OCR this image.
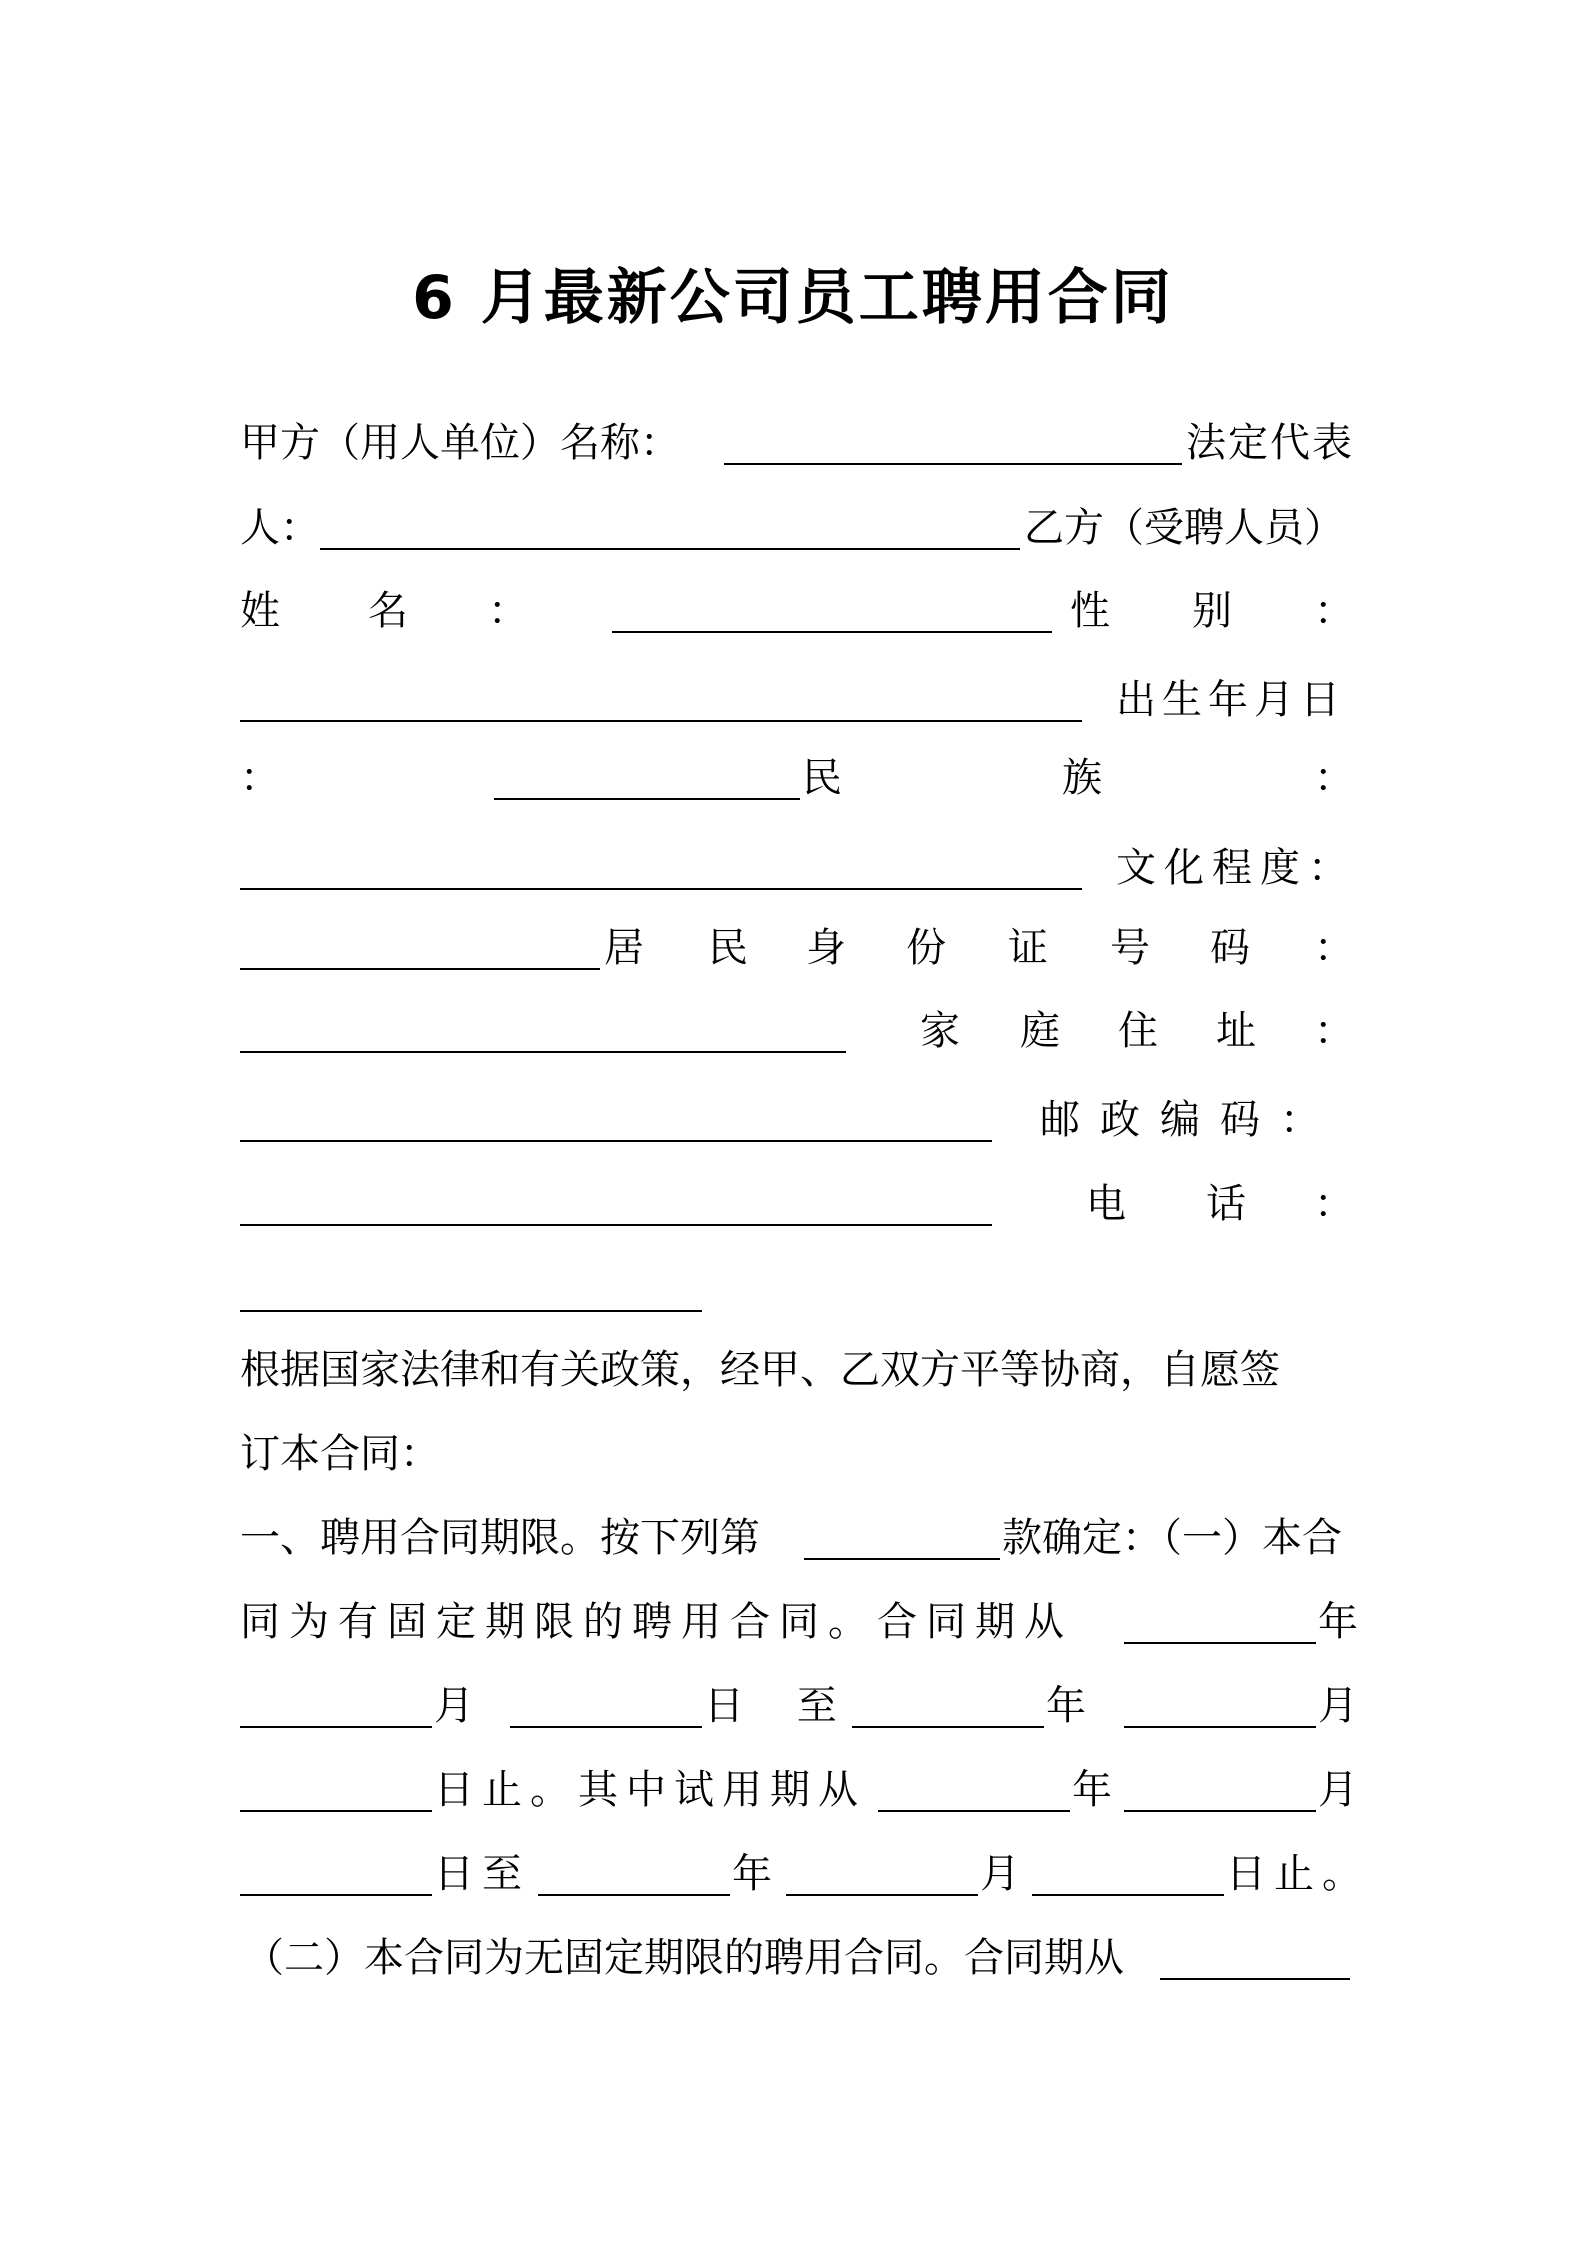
6 月最新公司员工聘用合同
甲方（用人单位）名称：	法定代表
人：	乙方（受聘人员）
姓 名 ：	性 别 ：
出生年月日
：	民	族	：
文化程度：
居 民 身 份 证 号 码 ：
家 庭 住 址 ：
邮政编码：
电 话 ：
根据国家法律和有关政策，经甲、乙双方平等协商，自愿签
订本合同：
一、聘用合同期限。按下列第	款确定：（一）本合
同为有固定期限的聘用合同。合同期从	年
月	日 至	年	月
日止。其中试用期从	年	月
日至	年	月	日止。
（二）本合同为无固定期限的聘用合同。合同期从
